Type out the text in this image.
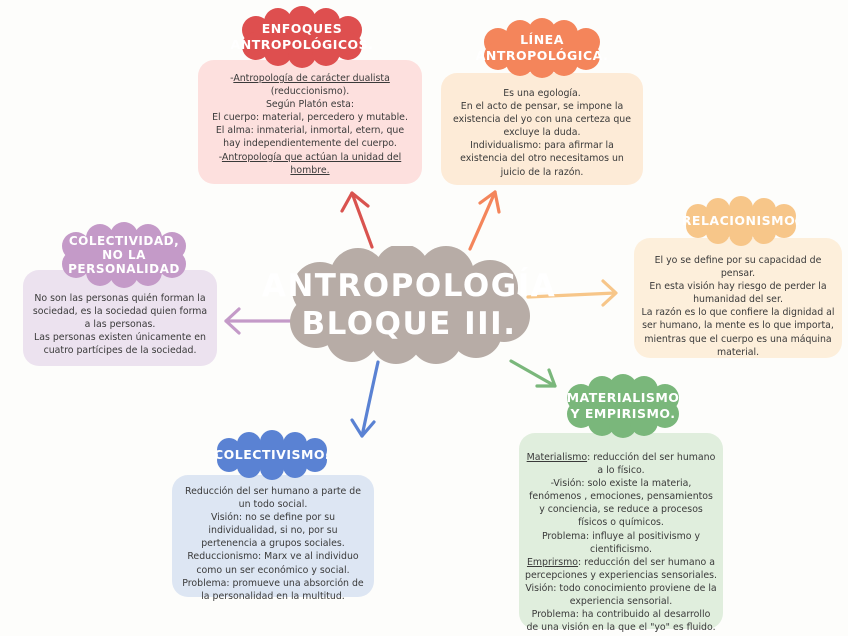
-Antropología de carácter dualista

(reduccionismo).

Según Platón esta:

El cuerpo: material, percedero y mutable.

El alma: inmaterial, inmortal, etern, que hay independientemente del cuerpo.

-Antropología que actúan la unidad del hombre.

ENFOQUES
ANTROPOLÓGICOS.

Es una egología.

En el acto de pensar, se impone la existencia del yo con una certeza que excluye la duda.

Individualismo: para afirmar la existencia del otro necesitamos un juicio de la razón.

LÍNEA
ANTROPOLÓGICA.

El yo se define por su capacidad de pensar.

En esta visión hay riesgo de perder la humanidad del ser.

La razón es lo que confiere la dignidad al ser humano, la mente es lo que importa, mientras que el cuerpo es una máquina material.

RELACIONISMO.

Materialismo: reducción del ser humano a lo físico.

-Visión: solo existe la materia, fenómenos , emociones, pensamientos y conciencia, se reduce a procesos físicos o químicos.

Problema: influye al positivismo y cientificismo.

Emprirsmo: reducción del ser humano a percepciones y experiencias sensoriales.

Visión: todo conocimiento proviene de la experiencia sensorial.

Problema: ha contribuido al desarrollo de una visión en la que el "yo" es fluido.

MATERIALISMO
Y EMPIRISMO.

Reducción del ser humano a parte de un todo social.

Visión: no se define por su individualidad, si no, por su pertenencia a grupos sociales.

Reduccionismo: Marx ve al individuo como un ser económico y social.

Problema: promueve una absorción de la personalidad en la multitud.

COLECTIVISMO.

No son las personas quién forman la sociedad, es la sociedad quien forma a las personas.

Las personas existen únicamente en cuatro partícipes de la sociedad.

COLECTIVIDAD,
NO LA
PERSONALIDAD	ANTROPOLOGÍA
BLOQUE III.
